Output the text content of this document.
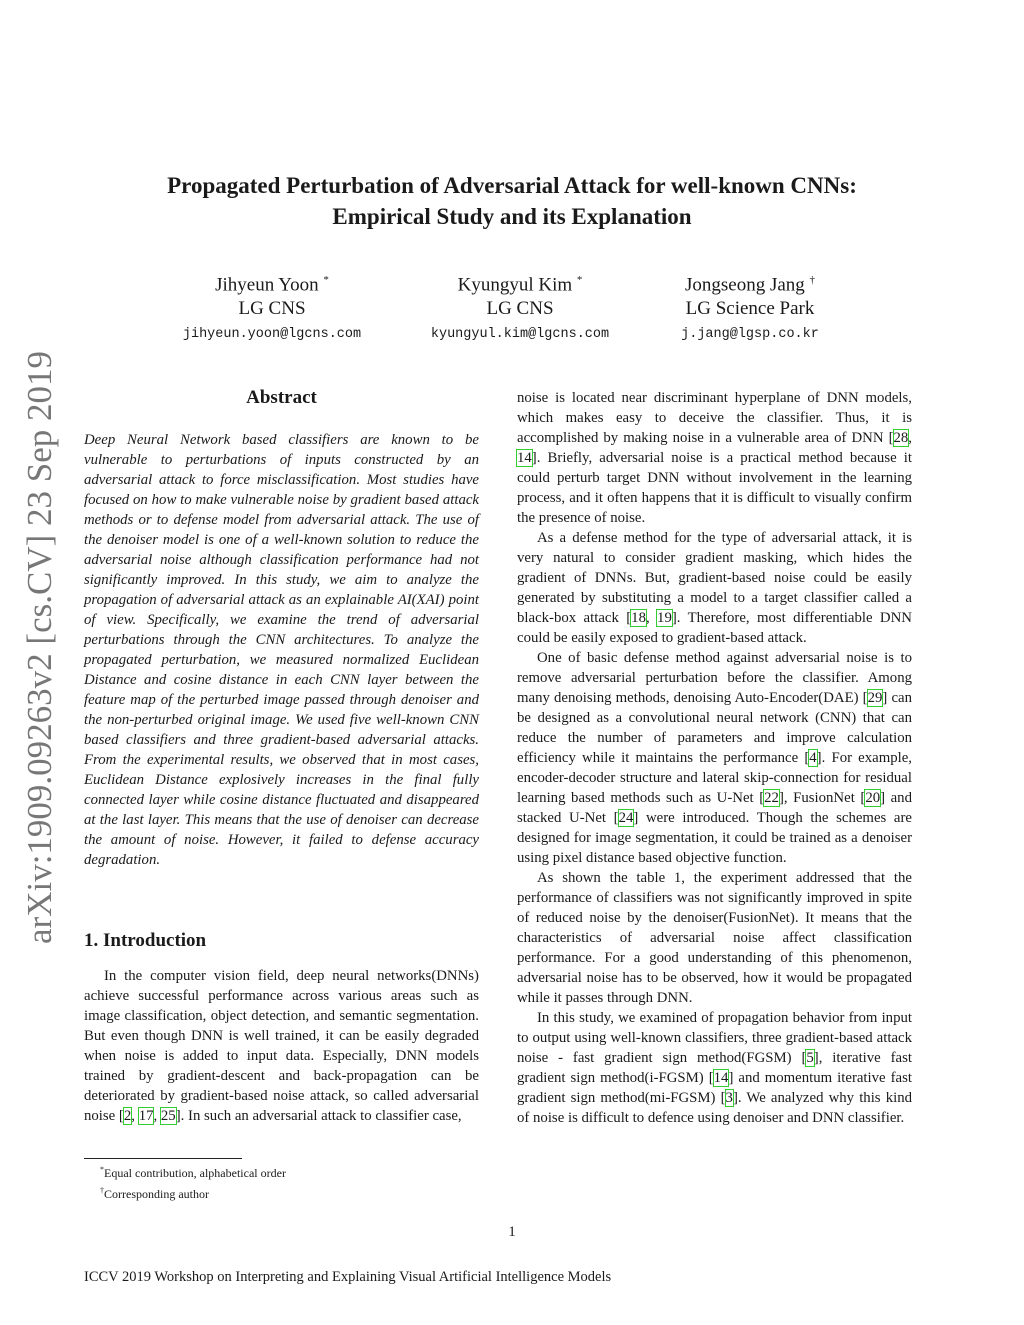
Propagated Perturbation of Adversarial Attack for well-known CNNs:
Empirical Study and its Explanation
Jihyeun Yoon *
LG CNS
jihyeun.yoon@lgcns.com
Kyungyul Kim *
LG CNS
kyungyul.kim@lgcns.com
Jongseong Jang †
LG Science Park
j.jang@lgsp.co.kr
arXiv:1909.09263v2 [cs.CV] 23 Sep 2019	Abstract

Deep Neural Network based classifiers are known to be vulnerable to perturbations of inputs constructed by an adversarial attack to force misclassification. Most studies have focused on how to make vulnerable noise by gradient based attack methods or to defense model from adversarial attack. The use of the denoiser model is one of a well-known solution to reduce the adversarial noise although classification performance had not significantly improved. In this study, we aim to analyze the propagation of adversarial attack as an explainable AI(XAI) point of view. Specifically, we examine the trend of adversarial perturbations through the CNN architectures. To analyze the propagated perturbation, we measured normalized Euclidean Distance and cosine distance in each CNN layer between the feature map of the perturbed image passed through denoiser and the non-perturbed original image. We used five well-known CNN based classifiers and three gradient-based adversarial attacks. From the experimental results, we observed that in most cases, Euclidean Distance explosively increases in the final fully connected layer while cosine distance fluctuated and disappeared at the last layer. This means that the use of denoiser can decrease the amount of noise. However, it failed to defense accuracy degradation.

1. Introduction

In the computer vision field, deep neural networks(DNNs) achieve successful performance across various areas such as image classification, object detection, and semantic segmentation. But even though DNN is well trained, it can be easily degraded when noise is added to input data. Especially, DNN models trained by gradient-descent and back-propagation can be deteriorated by gradient-based noise attack, so called adversarial noise [2, 17, 25]. In such an adversarial attack to classifier case,

noise is located near discriminant hyperplane of DNN models, which makes easy to deceive the classifier. Thus, it is accomplished by making noise in a vulnerable area of DNN [28, 14]. Briefly, adversarial noise is a practical method because it could perturb target DNN without involvement in the learning process, and it often happens that it is difficult to visually confirm the presence of noise.

As a defense method for the type of adversarial attack, it is very natural to consider gradient masking, which hides the gradient of DNNs. But, gradient-based noise could be easily generated by substituting a model to a target classifier called a black-box attack [18, 19]. Therefore, most differentiable DNN could be easily exposed to gradient-based attack.

One of basic defense method against adversarial noise is to remove adversarial perturbation before the classifier. Among many denoising methods, denoising Auto-Encoder(DAE) [29] can be designed as a convolutional neural network (CNN) that can reduce the number of parameters and improve calculation efficiency while it maintains the performance [4]. For example, encoder-decoder structure and lateral skip-connection for residual learning based methods such as U-Net [22], FusionNet [20] and stacked U-Net [24] were introduced. Though the schemes are designed for image segmentation, it could be trained as a denoiser using pixel distance based objective function.

As shown the table 1, the experiment addressed that the performance of classifiers was not significantly improved in spite of reduced noise by the denoiser(FusionNet). It means that the characteristics of adversarial noise affect classification performance. For a good understanding of this phenomenon, adversarial noise has to be observed, how it would be propagated while it passes through DNN.

In this study, we examined of propagation behavior from input to output using well-known classifiers, three gradient-based attack noise - fast gradient sign method(FGSM) [5], iterative fast gradient sign method(i-FGSM) [14] and momentum iterative fast gradient sign method(mi-FGSM) [3]. We analyzed why this kind of noise is difficult to defence using denoiser and DNN classifier.

*Equal contribution, alphabetical order
†Corresponding author
1
ICCV 2019 Workshop on Interpreting and Explaining Visual Artificial Intelligence Models
